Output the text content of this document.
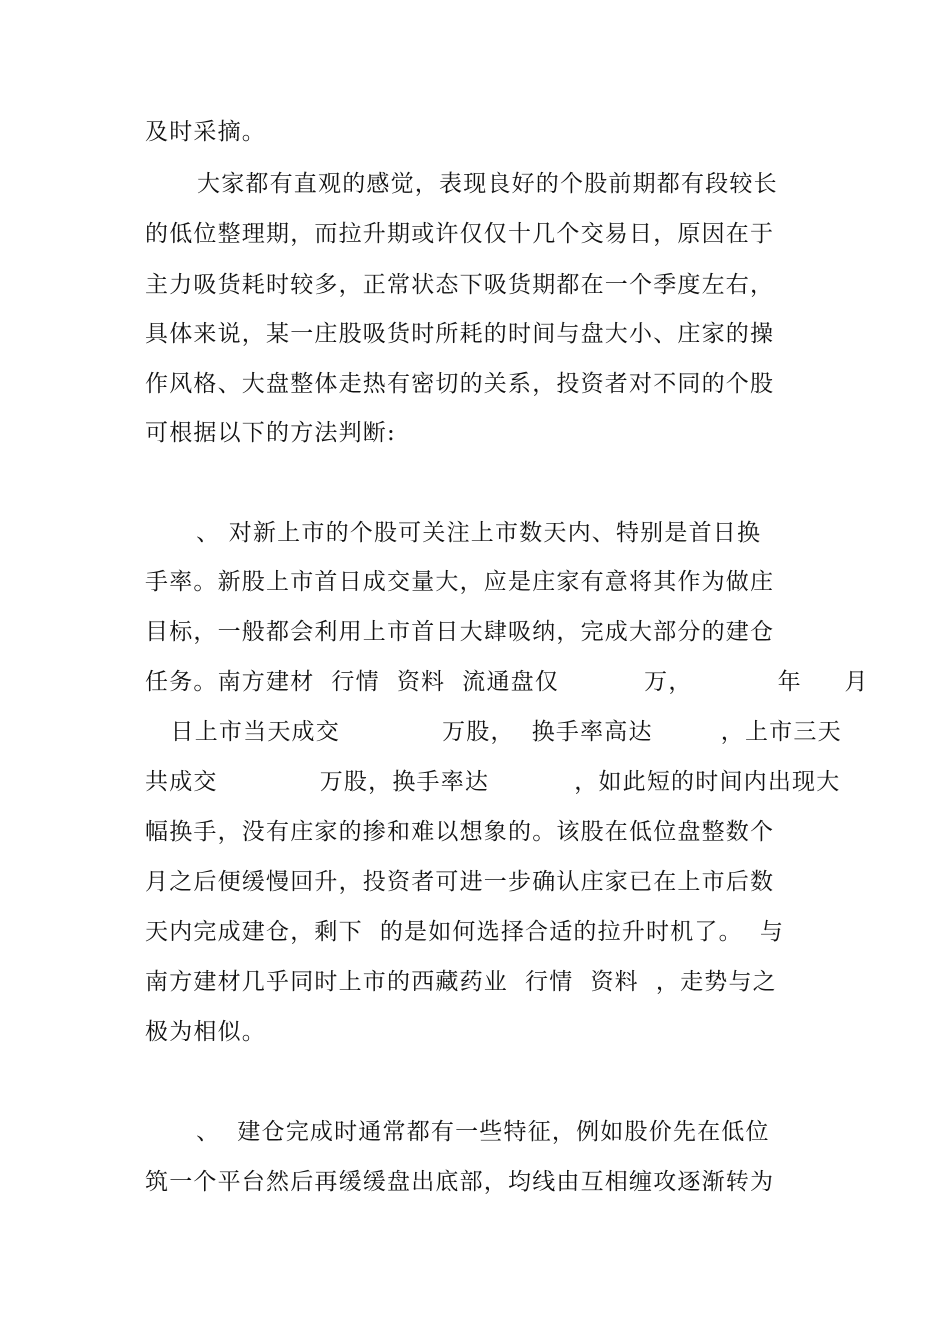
及时采摘。
大家都有直观的感觉，表现良好的个股前期都有段较长
的低位整理期，而拉升期或许仅仅十几个交易日，原因在于
主力吸货耗时较多，正常状态下吸货期都在一个季度左右，
具体来说，某一庄股吸货时所耗的时间与盘大小、庄家的操
作风格、大盘整体走热有密切的关系，投资者对不同的个股
可根据以下的方法判断:
、 对新上市的个股可关注上市数天内、特别是首日换
手率。新股上市首日成交量大，应是庄家有意将其作为做庄
目标，一般都会利用上市首日大肆吸纳，完成大部分的建仓
任务。南方建材  行情  资料  流通盘仅          万，          年     月
日上市当天成交            万股，  换手率高达        ，上市三天
共成交            万股，换手率达          ，如此短的时间内出现大
幅换手，没有庄家的掺和难以想象的。该股在低位盘整数个
月之后便缓慢回升，投资者可进一步确认庄家已在上市后数
天内完成建仓，剩下  的是如何选择合适的拉升时机了。  与
南方建材几乎同时上市的西藏药业  行情  资料  ，走势与之
极为相似。
、  建仓完成时通常都有一些特征，例如股价先在低位
筑一个平台然后再缓缓盘出底部，均线由互相缠攻逐渐转为
